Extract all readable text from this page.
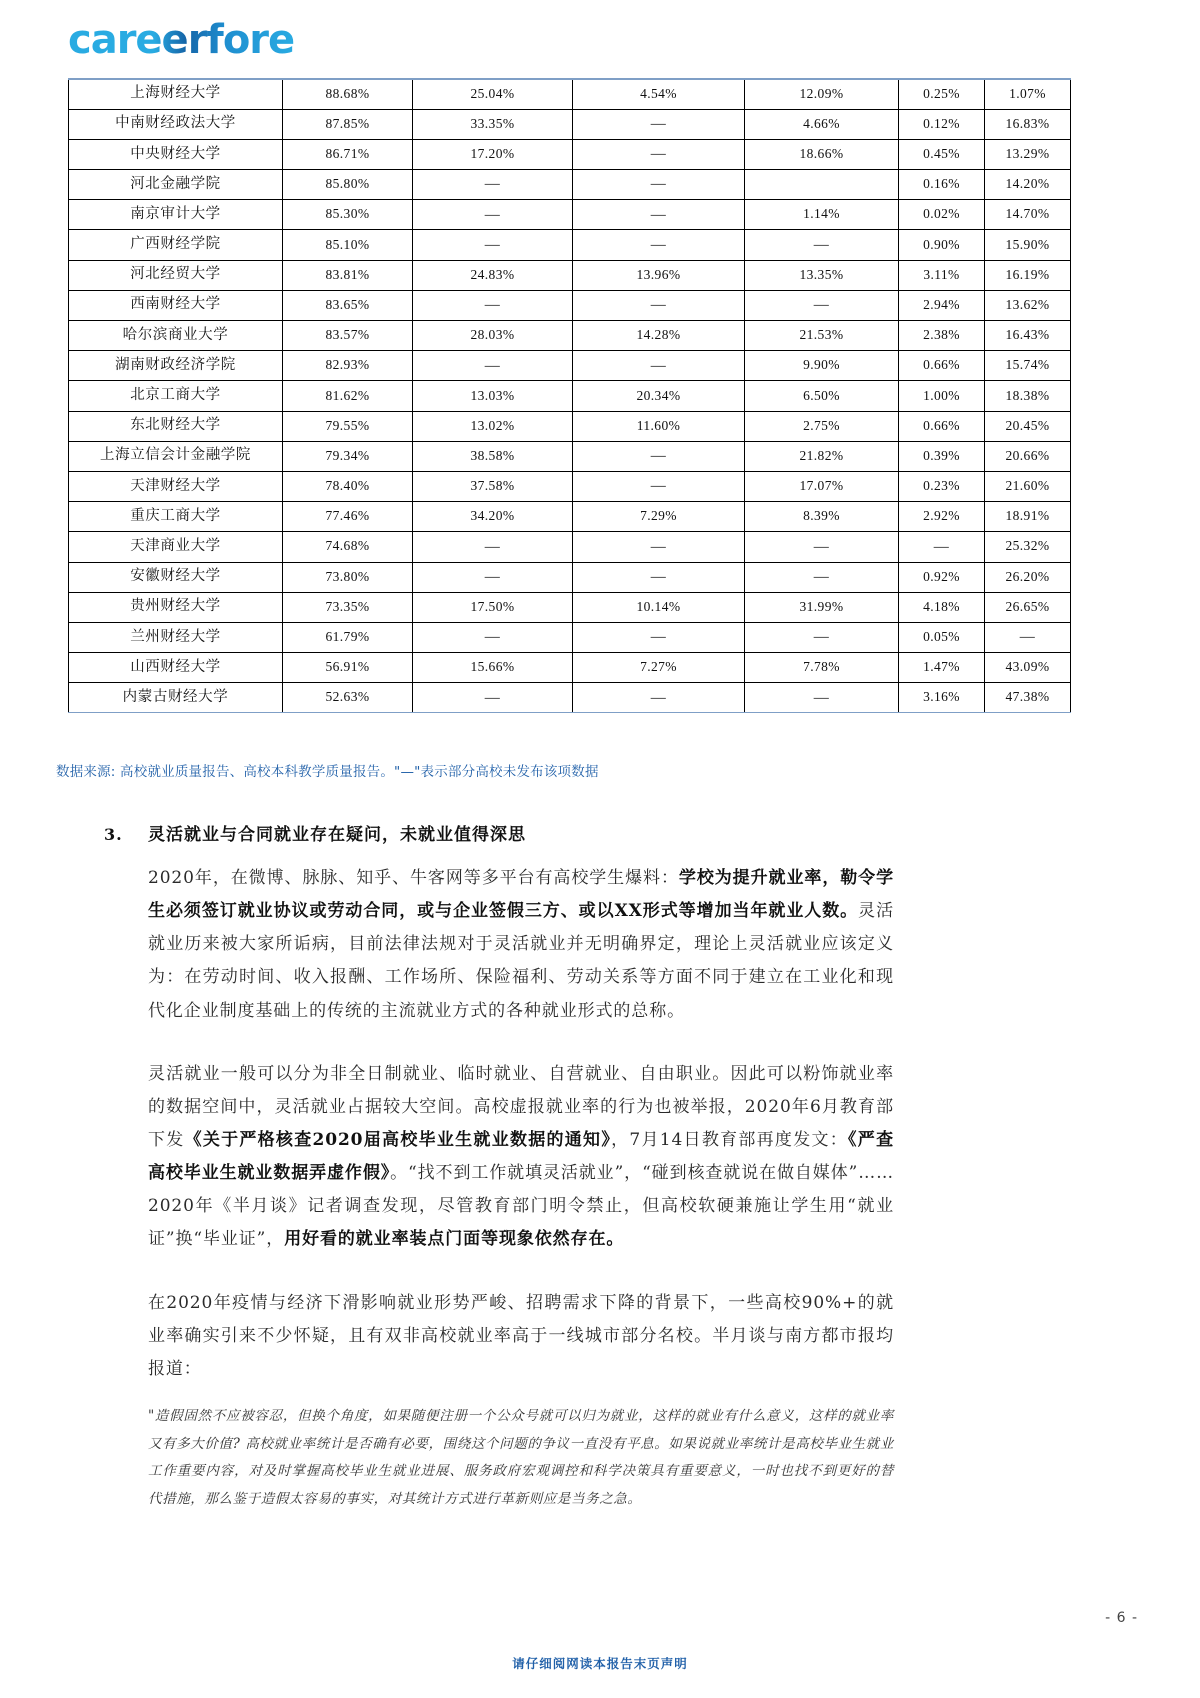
careerfore
上海财经大学	88.68%	25.04%	4.54%	12.09%	0.25%	1.07%
中南财经政法大学	87.85%	33.35%	—	4.66%	0.12%	16.83%
中央财经大学	86.71%	17.20%	—	18.66%	0.45%	13.29%
河北金融学院	85.80%	—	—		0.16%	14.20%
南京审计大学	85.30%	—	—	1.14%	0.02%	14.70%
广西财经学院	85.10%	—	—	—	0.90%	15.90%
河北经贸大学	83.81%	24.83%	13.96%	13.35%	3.11%	16.19%
西南财经大学	83.65%	—	—	—	2.94%	13.62%
哈尔滨商业大学	83.57%	28.03%	14.28%	21.53%	2.38%	16.43%
湖南财政经济学院	82.93%	—	—	9.90%	0.66%	15.74%
北京工商大学	81.62%	13.03%	20.34%	6.50%	1.00%	18.38%
东北财经大学	79.55%	13.02%	11.60%	2.75%	0.66%	20.45%
上海立信会计金融学院	79.34%	38.58%	—	21.82%	0.39%	20.66%
天津财经大学	78.40%	37.58%	—	17.07%	0.23%	21.60%
重庆工商大学	77.46%	34.20%	7.29%	8.39%	2.92%	18.91%
天津商业大学	74.68%	—	—	—	—	25.32%
安徽财经大学	73.80%	—	—	—	0.92%	26.20%
贵州财经大学	73.35%	17.50%	10.14%	31.99%	4.18%	26.65%
兰州财经大学	61.79%	—	—	—	0.05%	—
山西财经大学	56.91%	15.66%	7.27%	7.78%	1.47%	43.09%
内蒙古财经大学	52.63%	—	—	—	3.16%	47.38%
数据来源: 高校就业质量报告、高校本科教学质量报告。"—"表示部分高校未发布该项数据
3.	灵活就业与合同就业存在疑问，未就业值得深思

2020年，在微博、脉脉、知乎、牛客网等多平台有高校学生爆料：学校为提升就业率，勒令学生必须签订就业协议或劳动合同，或与企业签假三方、或以XX形式等增加当年就业人数。灵活就业历来被大家所诟病，目前法律法规对于灵活就业并无明确界定，理论上灵活就业应该定义为：在劳动时间、收入报酬、工作场所、保险福利、劳动关系等方面不同于建立在工业化和现代化企业制度基础上的传统的主流就业方式的各种就业形式的总称。

灵活就业一般可以分为非全日制就业、临时就业、自营就业、自由职业。因此可以粉饰就业率的数据空间中，灵活就业占据较大空间。高校虚报就业率的行为也被举报，2020年6月教育部下发《关于严格核查2020届高校毕业生就业数据的通知》，7月14日教育部再度发文：《严查高校毕业生就业数据弄虚作假》。“找不到工作就填灵活就业”，“碰到核查就说在做自媒体”……2020年《半月谈》记者调查发现，尽管教育部门明令禁止，但高校软硬兼施让学生用“就业证”换“毕业证”，用好看的就业率装点门面等现象依然存在。

在2020年疫情与经济下滑影响就业形势严峻、招聘需求下降的背景下，一些高校90%+的就业率确实引来不少怀疑，且有双非高校就业率高于一线城市部分名校。半月谈与南方都市报均报道：

"造假固然不应被容忍，但换个角度，如果随便注册一个公众号就可以归为就业，这样的就业有什么意义，这样的就业率又有多大价值? 高校就业率统计是否确有必要，围绕这个问题的争议一直没有平息。如果说就业率统计是高校毕业生就业工作重要内容，对及时掌握高校毕业生就业进展、服务政府宏观调控和科学决策具有重要意义，一时也找不到更好的替代措施，那么鉴于造假太容易的事实，对其统计方式进行革新则应是当务之急。

- 6 -
请仔细阅网读本报告末页声明
